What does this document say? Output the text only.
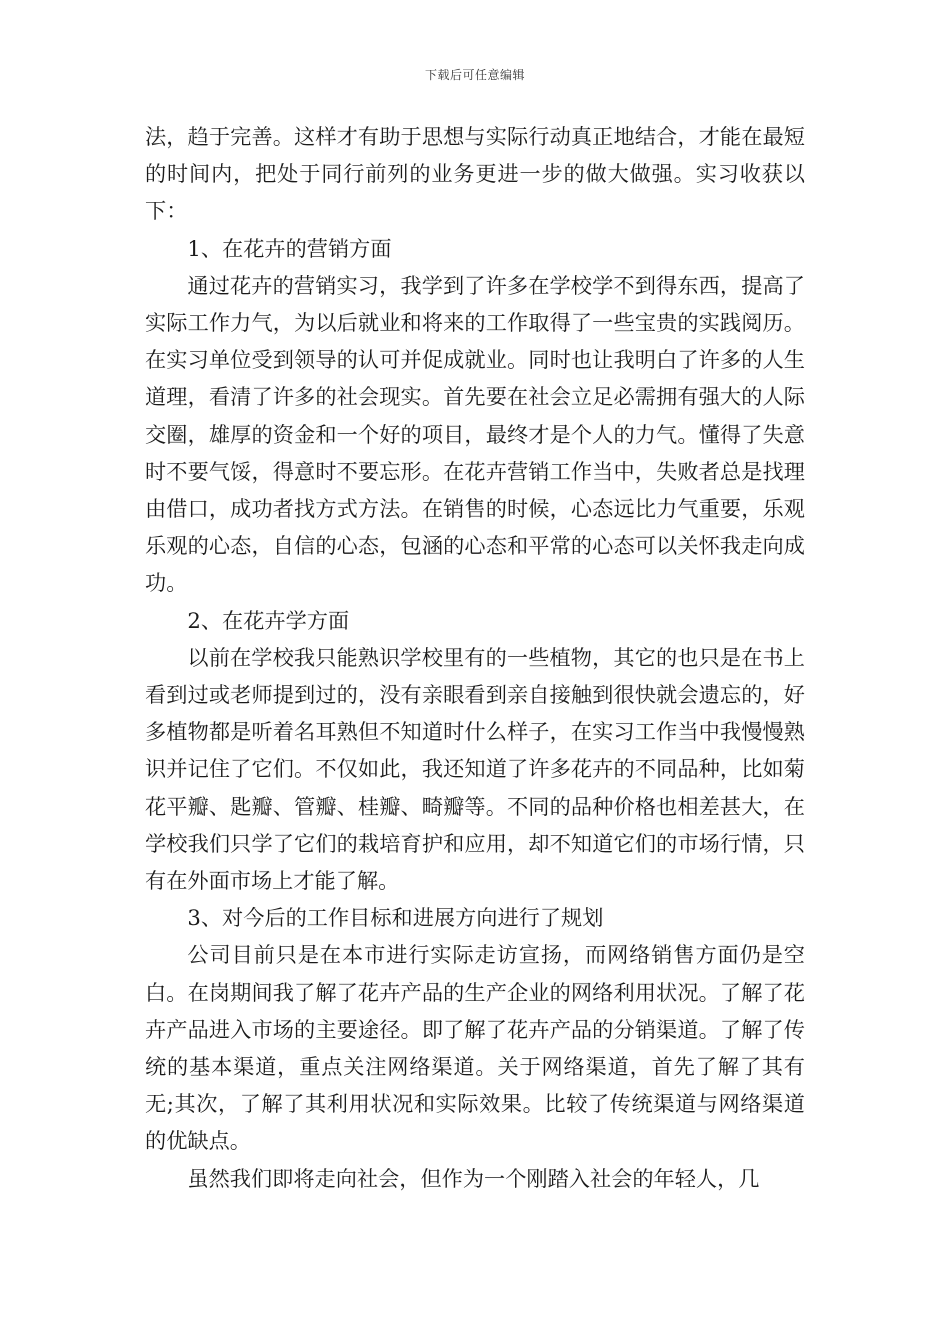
下载后可任意编辑

法，趋于完善。这样才有助于思想与实际行动真正地结合，才能在最短的时间内，把处于同行前列的业务更进一步的做大做强。实习收获以下：

1、在花卉的营销方面

通过花卉的营销实习，我学到了许多在学校学不到得东西，提高了实际工作力气，为以后就业和将来的工作取得了一些宝贵的实践阅历。在实习单位受到领导的认可并促成就业。同时也让我明白了许多的人生道理，看清了许多的社会现实。首先要在社会立足必需拥有强大的人际交圈，雄厚的资金和一个好的项目，最终才是个人的力气。懂得了失意时不要气馁，得意时不要忘形。在花卉营销工作当中，失败者总是找理由借口，成功者找方式方法。在销售的时候，心态远比力气重要，乐观乐观的心态，自信的心态，包涵的心态和平常的心态可以关怀我走向成功。

2、在花卉学方面

以前在学校我只能熟识学校里有的一些植物，其它的也只是在书上看到过或老师提到过的，没有亲眼看到亲自接触到很快就会遗忘的，好多植物都是听着名耳熟但不知道时什么样子，在实习工作当中我慢慢熟识并记住了它们。不仅如此，我还知道了许多花卉的不同品种，比如菊花平瓣、匙瓣、管瓣、桂瓣、畸瓣等。不同的品种价格也相差甚大，在学校我们只学了它们的栽培育护和应用，却不知道它们的市场行情，只有在外面市场上才能了解。

3、对今后的工作目标和进展方向进行了规划

公司目前只是在本市进行实际走访宣扬，而网络销售方面仍是空白。在岗期间我了解了花卉产品的生产企业的网络利用状况。了解了花卉产品进入市场的主要途径。即了解了花卉产品的分销渠道。了解了传统的基本渠道，重点关注网络渠道。关于网络渠道，首先了解了其有无;其次，了解了其利用状况和实际效果。比较了传统渠道与网络渠道的优缺点。

虽然我们即将走向社会，但作为一个刚踏入社会的年轻人，几
